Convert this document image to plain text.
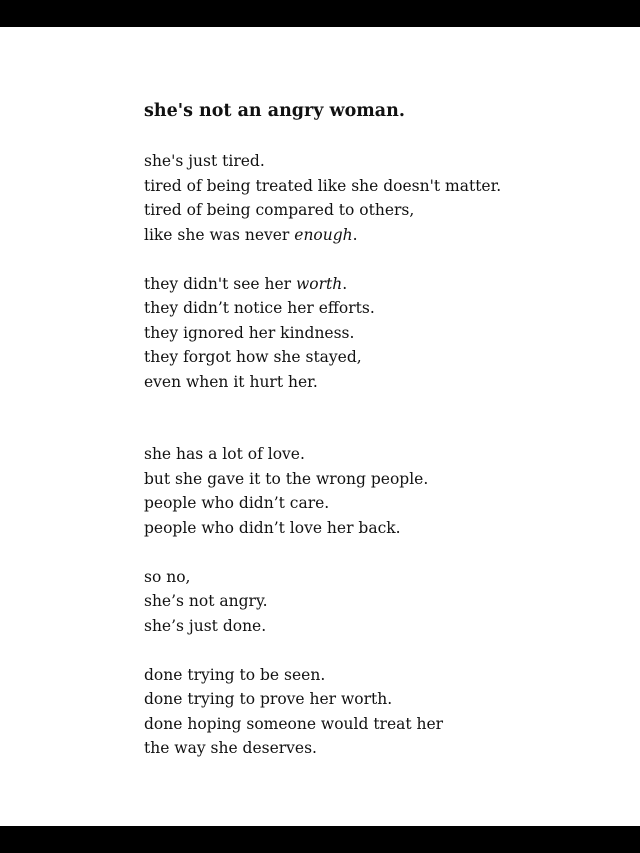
she's not an angry woman.
she's just tired.
tired of being treated like she doesn't matter.
tired of being compared to others,
like she was never enough.
they didn't see her worth.
they didn’t notice her efforts.
they ignored her kindness.
they forgot how she stayed,
even when it hurt her.
she has a lot of love.
but she gave it to the wrong people.
people who didn’t care.
people who didn’t love her back.
so no,
she’s not angry.
she’s just done.
done trying to be seen.
done trying to prove her worth.
done hoping someone would treat her
the way she deserves.
